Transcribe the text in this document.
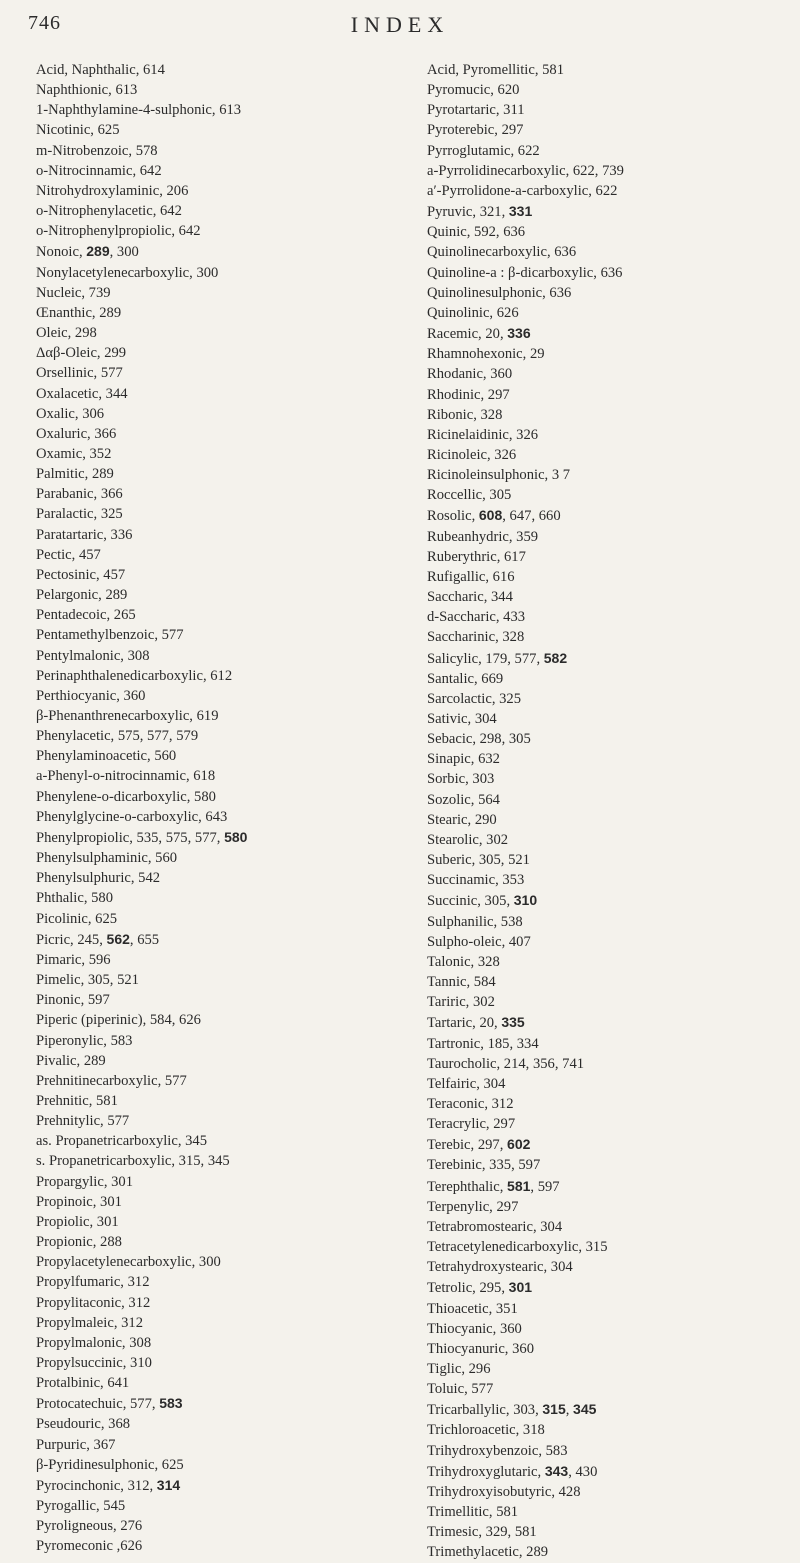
746	INDEX
Acid, Naphthalic, 614
Naphthionic, 613
1-Naphthylamine-4-sulphonic, 613
Nicotinic, 625
m-Nitrobenzoic, 578
o-Nitrocinnamic, 642
Nitrohydroxylaminic, 206
o-Nitrophenylacetic, 642
o-Nitrophenylpropiolic, 642
Nonoic, 289, 300
Nonylacetylenecarboxylic, 300
Nucleic, 739
Œnanthic, 289
Oleic, 298
Δαβ-Oleic, 299
Orsellinic, 577
Oxalacetic, 344
Oxalic, 306
Oxaluric, 366
Oxamic, 352
Palmitic, 289
Parabanic, 366
Paralactic, 325
Paratartaric, 336
Pectic, 457
Pectosinic, 457
Pelargonic, 289
Pentadecoic, 265
Pentamethylbenzoic, 577
Pentylmalonic, 308
Perinaphthalenedicarboxylic, 612
Perthiocyanic, 360
β-Phenanthrenecarboxylic, 619
Phenylacetic, 575, 577, 579
Phenylaminoacetic, 560
a-Phenyl-o-nitrocinnamic, 618
Phenylene-o-dicarboxylic, 580
Phenylglycine-o-carboxylic, 643
Phenylpropiolic, 535, 575, 577, 580
Phenylsulphaminic, 560
Phenylsulphuric, 542
Phthalic, 580
Picolinic, 625
Picric, 245, 562, 655
Pimaric, 596
Pimelic, 305, 521
Pinonic, 597
Piperic (piperinic), 584, 626
Piperonylic, 583
Pivalic, 289
Prehnitinecarboxylic, 577
Prehnitic, 581
Prehnitylic, 577
as. Propanetricarboxylic, 345
s. Propanetricarboxylic, 315, 345
Propargylic, 301
Propinoic, 301
Propiolic, 301
Propionic, 288
Propylacetylenecarboxylic, 300
Propylfumaric, 312
Propylitaconic, 312
Propylmaleic, 312
Propylmalonic, 308
Propylsuccinic, 310
Protalbinic, 641
Protocatechuic, 577, 583
Pseudouric, 368
Purpuric, 367
β-Pyridinesulphonic, 625
Pyrocinchonic, 312, 314
Pyrogallic, 545
Pyroligneous, 276
Pyromeconic ,626
Acid, Pyromellitic, 581
Pyromucic, 620
Pyrotartaric, 311
Pyroterebic, 297
Pyrroglutamic, 622
a-Pyrrolidinecarboxylic, 622, 739
a′-Pyrrolidone-a-carboxylic, 622
Pyruvic, 321, 331
Quinic, 592, 636
Quinolinecarboxylic, 636
Quinoline-a : β-dicarboxylic, 636
Quinolinesulphonic, 636
Quinolinic, 626
Racemic, 20, 336
Rhamnohexonic, 29
Rhodanic, 360
Rhodinic, 297
Ribonic, 328
Ricinelaidinic, 326
Ricinoleic, 326
Ricinoleinsulphonic, 3 7
Roccellic, 305
Rosolic, 608, 647, 660
Rubeanhydric, 359
Ruberythric, 617
Rufigallic, 616
Saccharic, 344
d-Saccharic, 433
Saccharinic, 328
Salicylic, 179, 577, 582
Santalic, 669
Sarcolactic, 325
Sativic, 304
Sebacic, 298, 305
Sinapic, 632
Sorbic, 303
Sozolic, 564
Stearic, 290
Stearolic, 302
Suberic, 305, 521
Succinamic, 353
Succinic, 305, 310
Sulphanilic, 538
Sulpho-oleic, 407
Talonic, 328
Tannic, 584
Tariric, 302
Tartaric, 20, 335
Tartronic, 185, 334
Taurocholic, 214, 356, 741
Telfairic, 304
Teraconic, 312
Teracrylic, 297
Terebic, 297, 602
Terebinic, 335, 597
Terephthalic, 581, 597
Terpenylic, 297
Tetrabromostearic, 304
Tetracetylenedicarboxylic, 315
Tetrahydroxystearic, 304
Tetrolic, 295, 301
Thioacetic, 351
Thiocyanic, 360
Thiocyanuric, 360
Tiglic, 296
Toluic, 577
Tricarballylic, 303, 315, 345
Trichloroacetic, 318
Trihydroxybenzoic, 583
Trihydroxyglutaric, 343, 430
Trihydroxyisobutyric, 428
Trimellitic, 581
Trimesic, 329, 581
Trimethylacetic, 289
